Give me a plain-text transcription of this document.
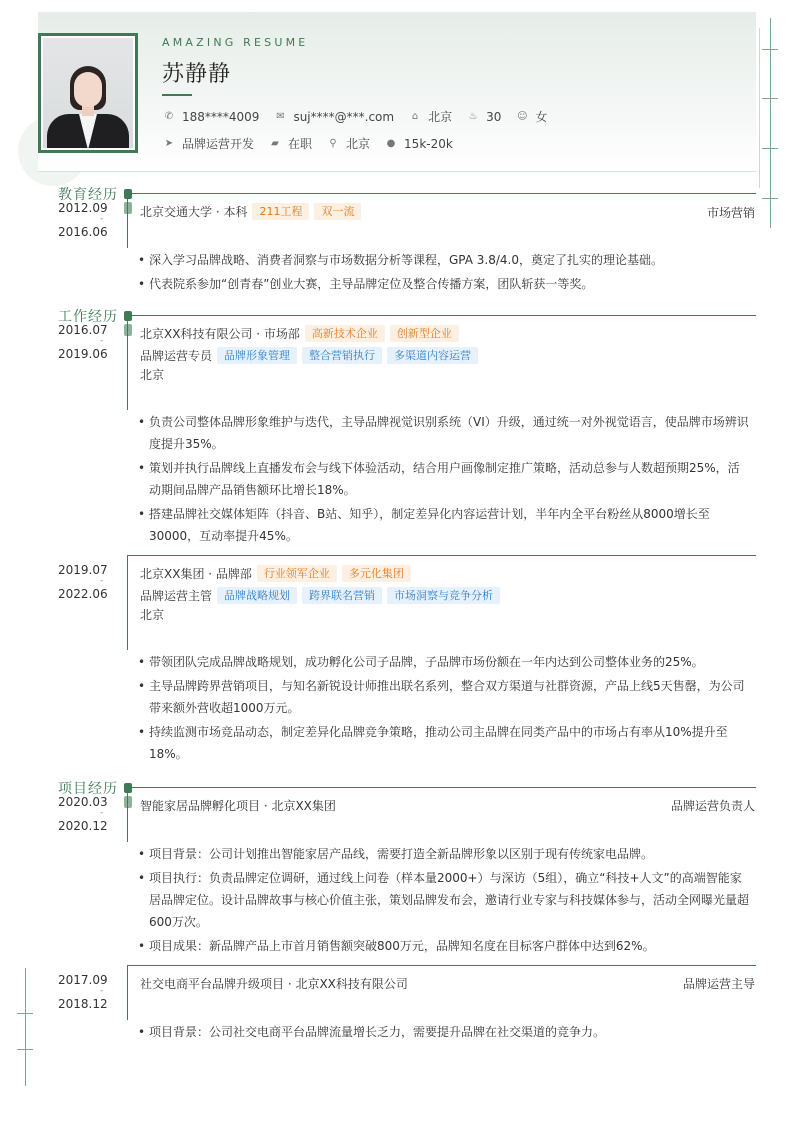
AMAZING RESUME
苏静静
✆ 188****4009 ✉ suj****@***.com	⌂ 北京 ♨ 30 ☺ 女
➤ 品牌运营开发	▰ 在职	⚲ 北京 ● 15k-20k
教育经历
2012.09
-
2016.06
北京交通大学 · 本科	211工程	双一流	市场营销
• 深入学习品牌战略、消费者洞察与市场数据分析等课程，GPA 3.8/4.0，奠定了扎实的理论基础。
• 代表院系参加“创青春”创业大赛，主导品牌定位及整合传播方案，团队斩获一等奖。
工作经历
2016.07
-
2019.06
北京XX科技有限公司 · 市场部	高新技术企业	创新型企业
品牌运营专员	品牌形象管理	整合营销执行	多渠道内容运营
北京
• 负责公司整体品牌形象维护与迭代，主导品牌视觉识别系统（VI）升级，通过统一对外视觉语言，使品牌市场辨识度提升35%。
• 策划并执行品牌线上直播发布会与线下体验活动，结合用户画像制定推广策略，活动总参与人数超预期25%，活动期间品牌产品销售额环比增长18%。
• 搭建品牌社交媒体矩阵（抖音、B站、知乎），制定差异化内容运营计划，半年内全平台粉丝从8000增长至30000，互动率提升45%。
2019.07
-
2022.06
北京XX集团 · 品牌部	行业领军企业	多元化集团
品牌运营主管	品牌战略规划	跨界联名营销	市场洞察与竞争分析
北京
• 带领团队完成品牌战略规划，成功孵化公司子品牌，子品牌市场份额在一年内达到公司整体业务的25%。
• 主导品牌跨界营销项目，与知名新锐设计师推出联名系列，整合双方渠道与社群资源，产品上线5天售罄，为公司带来额外营收超1000万元。
• 持续监测市场竞品动态，制定差异化品牌竞争策略，推动公司主品牌在同类产品中的市场占有率从10%提升至18%。
项目经历
2020.03
-
2020.12
智能家居品牌孵化项目 · 北京XX集团	品牌运营负责人
• 项目背景：公司计划推出智能家居产品线，需要打造全新品牌形象以区别于现有传统家电品牌。
• 项目执行：负责品牌定位调研，通过线上问卷（样本量2000+）与深访（5组），确立“科技+人文”的高端智能家居品牌定位。设计品牌故事与核心价值主张，策划品牌发布会，邀请行业专家与科技媒体参与，活动全网曝光量超600万次。
• 项目成果：新品牌产品上市首月销售额突破800万元，品牌知名度在目标客户群体中达到62%。
2017.09
-
2018.12
社交电商平台品牌升级项目 · 北京XX科技有限公司	品牌运营主导
• 项目背景：公司社交电商平台品牌流量增长乏力，需要提升品牌在社交渠道的竞争力。
